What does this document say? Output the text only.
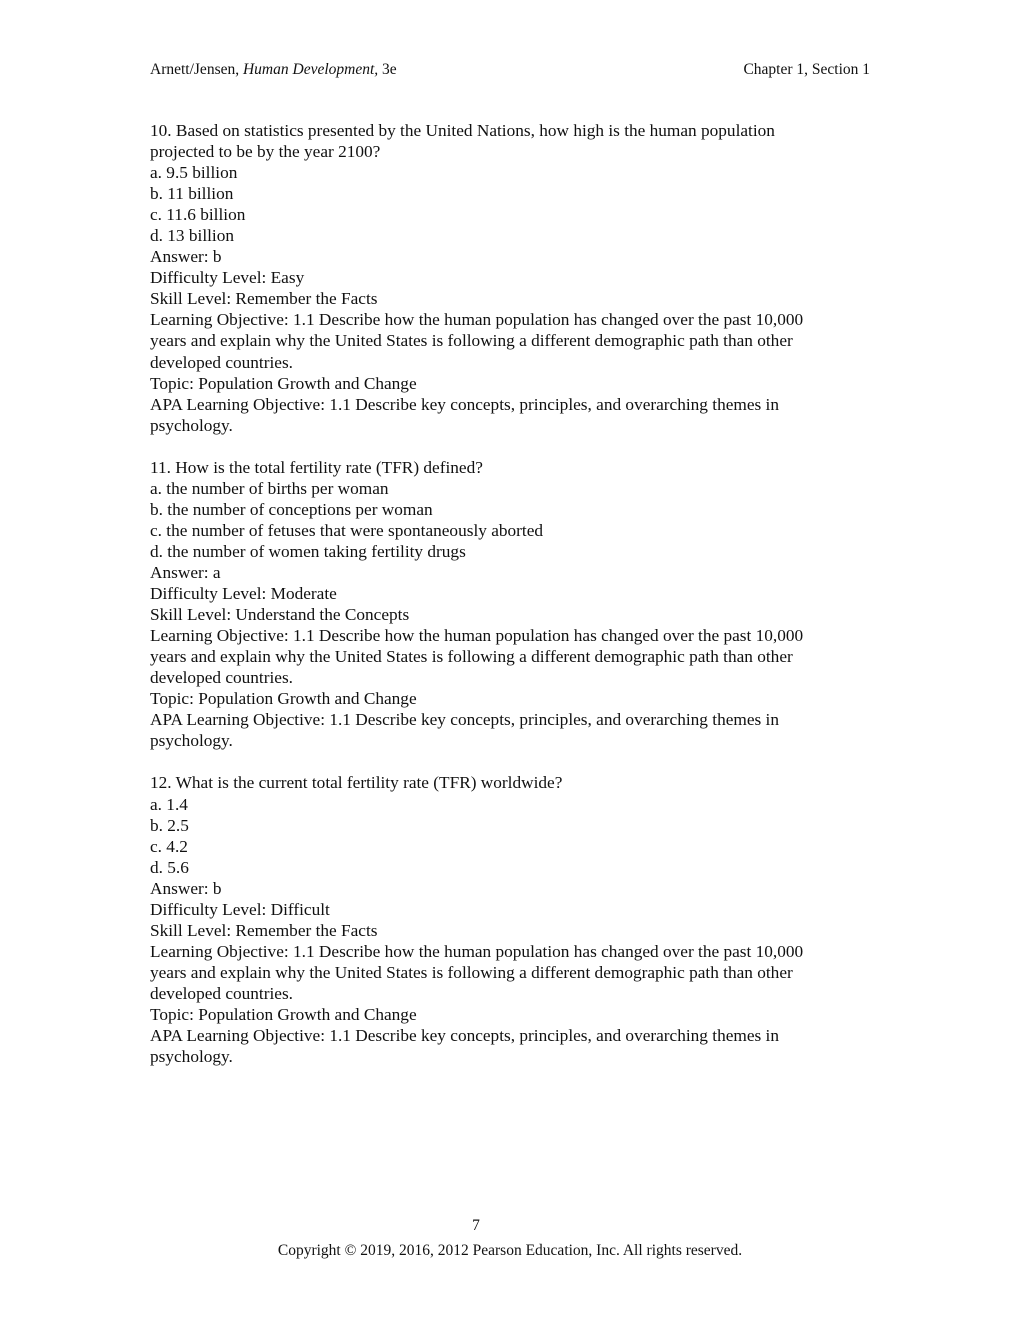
Arnett/Jensen, Human Development, 3e	Chapter 1, Section 1
10. Based on statistics presented by the United Nations, how high is the human population
projected to be by the year 2100?
a. 9.5 billion
b. 11 billion
c. 11.6 billion
d. 13 billion
Answer: b
Difficulty Level: Easy
Skill Level: Remember the Facts
Learning Objective: 1.1 Describe how the human population has changed over the past 10,000
years and explain why the United States is following a different demographic path than other
developed countries.
Topic: Population Growth and Change
APA Learning Objective: 1.1 Describe key concepts, principles, and overarching themes in
psychology.
11. How is the total fertility rate (TFR) defined?
a. the number of births per woman
b. the number of conceptions per woman
c. the number of fetuses that were spontaneously aborted
d. the number of women taking fertility drugs
Answer: a
Difficulty Level: Moderate
Skill Level: Understand the Concepts
Learning Objective: 1.1 Describe how the human population has changed over the past 10,000
years and explain why the United States is following a different demographic path than other
developed countries.
Topic: Population Growth and Change
APA Learning Objective: 1.1 Describe key concepts, principles, and overarching themes in
psychology.
12. What is the current total fertility rate (TFR) worldwide?
a. 1.4
b. 2.5
c. 4.2
d. 5.6
Answer: b
Difficulty Level: Difficult
Skill Level: Remember the Facts
Learning Objective: 1.1 Describe how the human population has changed over the past 10,000
years and explain why the United States is following a different demographic path than other
developed countries.
Topic: Population Growth and Change
APA Learning Objective: 1.1 Describe key concepts, principles, and overarching themes in
psychology.
7
Copyright © 2019, 2016, 2012 Pearson Education, Inc. All rights reserved.
